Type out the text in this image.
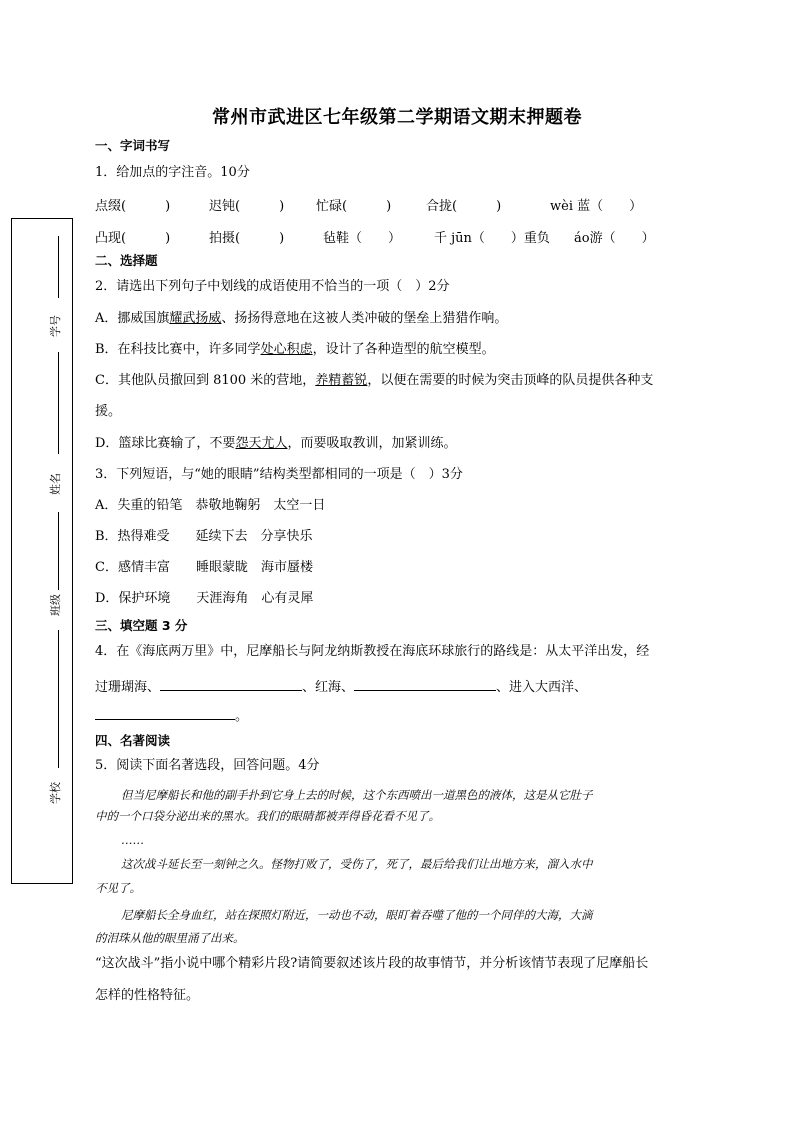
常州市武进区七年级第二学期语文期末押题卷
学号
姓名
班级
学校
一、字词书写
1．给加点的字注音。10分
点缀(　　　)	迟钝(　　　) 忙碌(　　　)	合拢(　　　)	wèi 蓝（　　）
凸现(　　　)	拍摄(　　　)	毡鞋（　　）	千 jūn（　　）重负 áo游（　　）
二、选择题
2．请选出下列句子中划线的成语使用不恰当的一项（　）2分
A．挪威国旗耀武扬威、扬扬得意地在这被人类冲破的堡垒上猎猎作响。
B．在科技比赛中，许多同学处心积虑，设计了各种造型的航空模型。
C．其他队员撤回到 8100 米的营地，养精蓄锐，以便在需要的时候为突击顶峰的队员提供各种支
援。
D．篮球比赛输了，不要怨天尤人，而要吸取教训，加紧训练。
3．下列短语，与“她的眼睛”结构类型都相同的一项是（　）3分
A．失重的铅笔　恭敬地鞠躬　太空一日
B．热得难受　　延续下去　分享快乐
C．感情丰富　　睡眼蒙眬　海市蜃楼
D．保护环境　　天涯海角　心有灵犀
三、填空题 3 分
4．在《海底两万里》中，尼摩船长与阿龙纳斯教授在海底环球旅行的路线是：从太平洋出发，经
过珊瑚海、	、红海、	、进入大西洋、
。
四、名著阅读
5．阅读下面名著选段，回答问题。4分
但当尼摩船长和他的副手扑到它身上去的时候，这个东西喷出一道黑色的液体，这是从它肚子
中的一个口袋分泌出来的黑水。我们的眼睛都被弄得昏花看不见了。
……
这次战斗延长至一刻钟之久。怪物打败了，受伤了，死了，最后给我们让出地方来，溜入水中
不见了。
尼摩船长全身血红，站在探照灯附近，一动也不动，眼盯着吞噬了他的一个同伴的大海，大滴
的泪珠从他的眼里涌了出来。
“这次战斗”指小说中哪个精彩片段?请简要叙述该片段的故事情节，并分析该情节表现了尼摩船长
怎样的性格特征。
